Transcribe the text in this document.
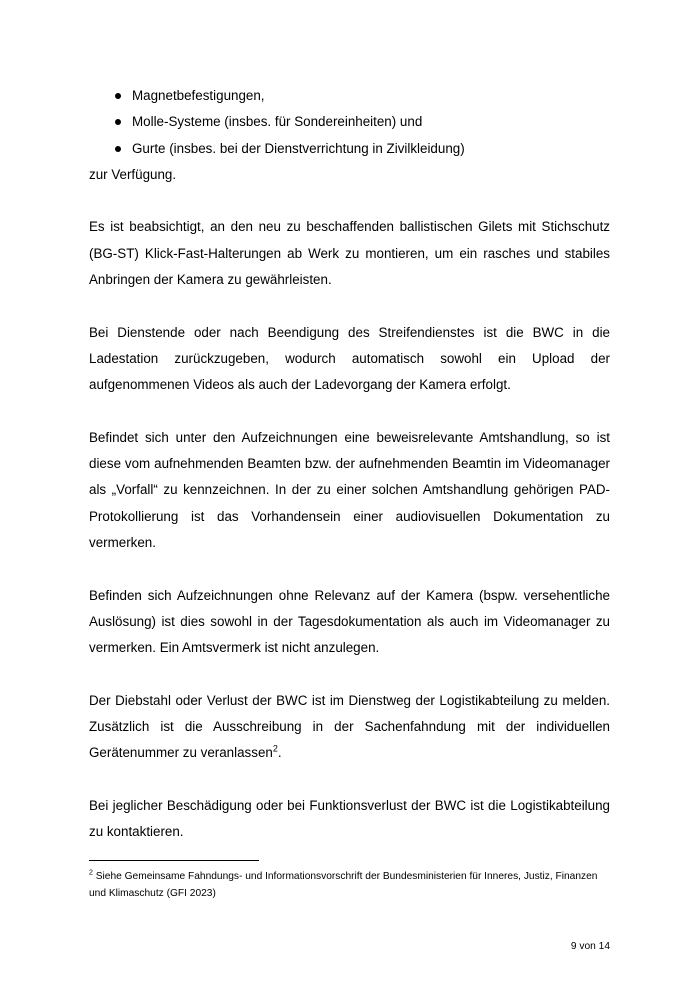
Magnetbefestigungen,
Molle-Systeme (insbes. für Sondereinheiten) und
Gurte (insbes. bei der Dienstverrichtung in Zivilkleidung)

zur Verfügung.

Es ist beabsichtigt, an den neu zu beschaffenden ballistischen Gilets mit Stichschutz (BG-ST) Klick-Fast-Halterungen ab Werk zu montieren, um ein rasches und stabiles Anbringen der Kamera zu gewährleisten.

Bei Dienstende oder nach Beendigung des Streifendienstes ist die BWC in die Ladestation zurückzugeben, wodurch automatisch sowohl ein Upload der aufgenommenen Videos als auch der Ladevorgang der Kamera erfolgt.

Befindet sich unter den Aufzeichnungen eine beweisrelevante Amtshandlung, so ist diese vom aufnehmenden Beamten bzw. der aufnehmenden Beamtin im Videomanager als „Vorfall“ zu kennzeichnen. In der zu einer solchen Amtshandlung gehörigen PAD-Protokollierung ist das Vorhandensein einer audiovisuellen Dokumentation zu vermerken.

Befinden sich Aufzeichnungen ohne Relevanz auf der Kamera (bspw. versehentliche Auslösung) ist dies sowohl in der Tagesdokumentation als auch im Videomanager zu vermerken. Ein Amtsvermerk ist nicht anzulegen.

Der Diebstahl oder Verlust der BWC ist im Dienstweg der Logistikabteilung zu melden. Zusätzlich ist die Ausschreibung in der Sachenfahndung mit der individuellen Gerätenummer zu veranlassen$^2$.

Bei jeglicher Beschädigung oder bei Funktionsverlust der BWC ist die Logistikabteilung zu kontaktieren.

$^2$ Siehe Gemeinsame Fahndungs- und Informationsvorschrift der Bundesministerien für Inneres, Justiz, Finanzen und Klimaschutz (GFI 2023)
9 von 14
